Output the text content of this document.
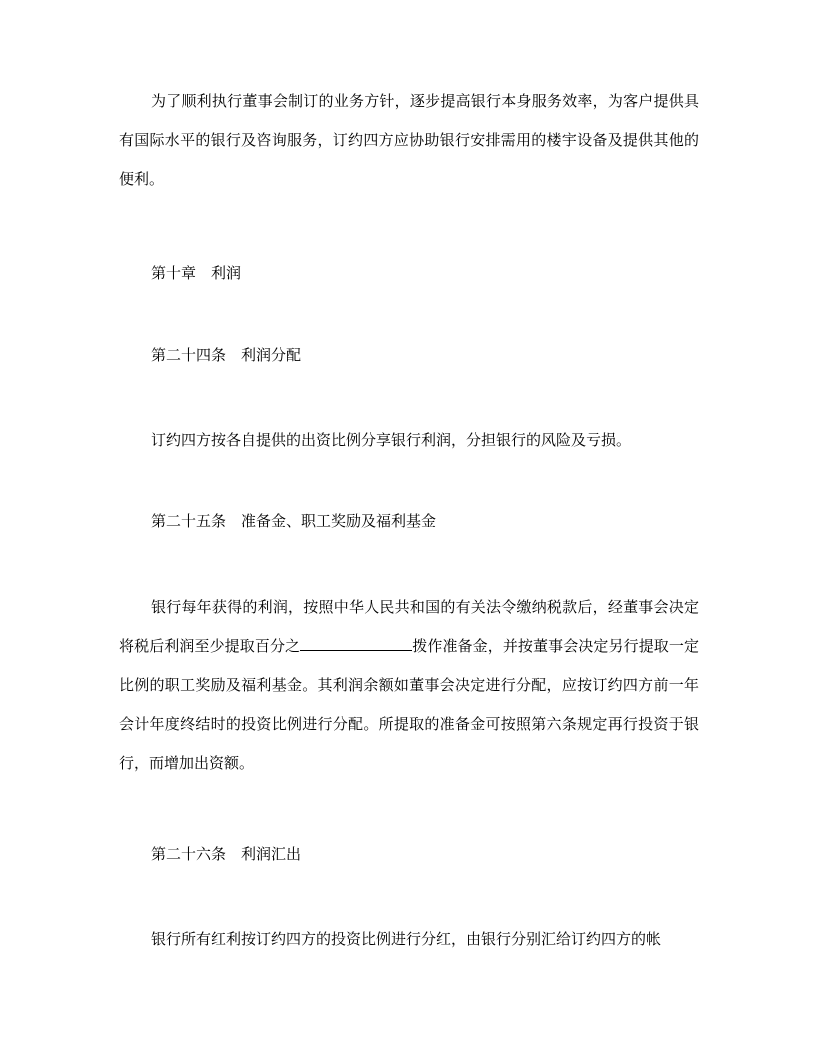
为了顺利执行董事会制订的业务方针，逐步提高银行本身服务效率，为客户提供具有国际水平的银行及咨询服务，订约四方应协助银行安排需用的楼宇设备及提供其他的便利。

第十章 利润

第二十四条 利润分配

订约四方按各自提供的出资比例分享银行利润，分担银行的风险及亏损。

第二十五条 准备金、职工奖励及福利基金

银行每年获得的利润，按照中华人民共和国的有关法令缴纳税款后，经董事会决定将税后利润至少提取百分之	拨作准备金，并按董事会决定另行提取一定比例的职工奖励及福利基金。其利润余额如董事会决定进行分配，应按订约四方前一年会计年度终结时的投资比例进行分配。所提取的准备金可按照第六条规定再行投资于银行，而增加出资额。

第二十六条 利润汇出

银行所有红利按订约四方的投资比例进行分红，由银行分别汇给订约四方的帐
